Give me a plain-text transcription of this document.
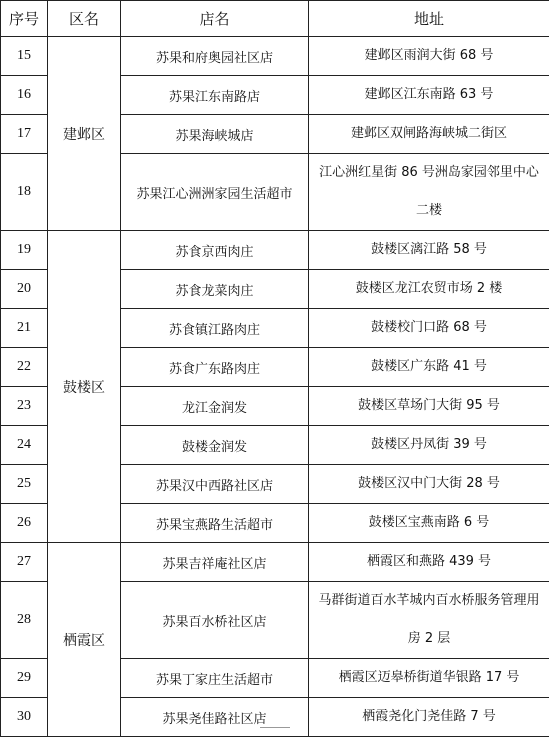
序号	区名	店名	地址
15	建邺区	苏果和府奥园社区店	建邺区雨润大街 68 号
16		苏果江东南路店	建邺区江东南路 63 号
17		苏果海峡城店	建邺区双闸路海峡城二街区
18		苏果江心洲洲家园生活超市	江心洲红星街 86 号洲岛家园邻里中心二楼
19	鼓楼区	苏食京西肉庄	鼓楼区漓江路 58 号
20		苏食龙菜肉庄	鼓楼区龙江农贸市场 2 楼
21		苏食镇江路肉庄	鼓楼校门口路 68 号
22		苏食广东路肉庄	鼓楼区广东路 41 号
23		龙江金润发	鼓楼区草场门大街 95 号
24		鼓楼金润发	鼓楼区丹凤街 39 号
25		苏果汉中西路社区店	鼓楼区汉中门大街 28 号
26		苏果宝燕路生活超市	鼓楼区宝燕南路 6 号
27	栖霞区	苏果吉祥庵社区店	栖霞区和燕路 439 号
28		苏果百水桥社区店	马群街道百水芊城内百水桥服务管理用房 2 层
29		苏果丁家庄生活超市	栖霞区迈皋桥街道华银路 17 号
30		苏果尧佳路社区店	栖霞尧化门尧佳路 7 号
